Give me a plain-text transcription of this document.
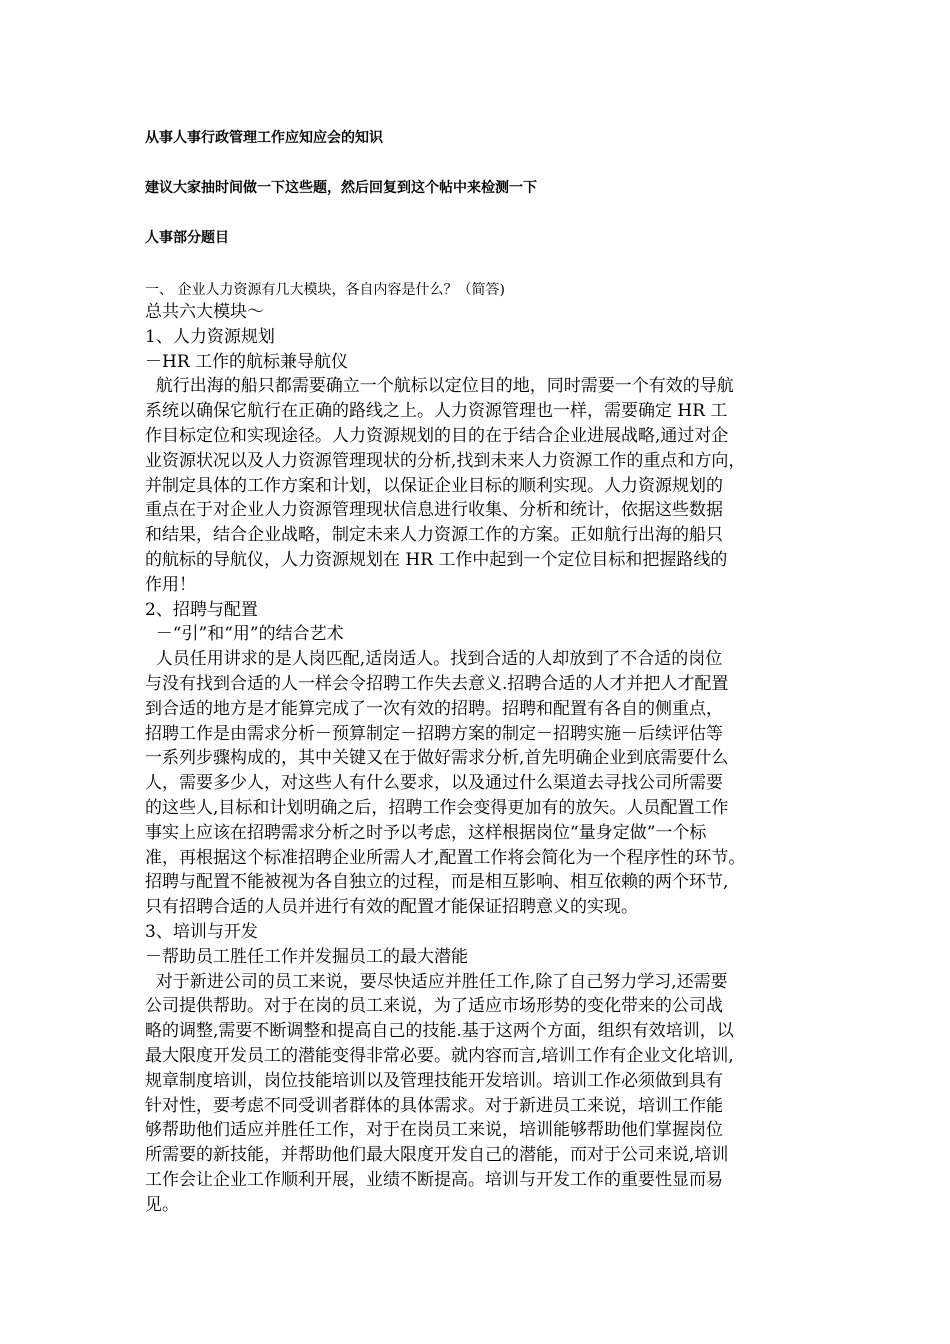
从事人事行政管理工作应知应会的知识

建议大家抽时间做一下这些题，然后回复到这个帖中来检测一下

人事部分题目

一、 企业人力资源有几大模块，各自内容是什么？（简答)
总共六大模块～
1、人力资源规划
－HR 工作的航标兼导航仪
航行出海的船只都需要确立一个航标以定位目的地，同时需要一个有效的导航
系统以确保它航行在正确的路线之上。人力资源管理也一样，需要确定 HR 工
作目标定位和实现途径。人力资源规划的目的在于结合企业进展战略,通过对企
业资源状况以及人力资源管理现状的分析,找到未来人力资源工作的重点和方向，
并制定具体的工作方案和计划，以保证企业目标的顺利实现。人力资源规划的
重点在于对企业人力资源管理现状信息进行收集、分析和统计，依据这些数据
和结果，结合企业战略，制定未来人力资源工作的方案。正如航行出海的船只
的航标的导航仪，人力资源规划在 HR 工作中起到一个定位目标和把握路线的
作用！
2、招聘与配置
－“引”和“用”的结合艺术
人员任用讲求的是人岗匹配,适岗适人。找到合适的人却放到了不合适的岗位
与没有找到合适的人一样会令招聘工作失去意义.招聘合适的人才并把人才配置
到合适的地方是才能算完成了一次有效的招聘。招聘和配置有各自的侧重点，
招聘工作是由需求分析－预算制定－招聘方案的制定－招聘实施－后续评估等
一系列步骤构成的，其中关键又在于做好需求分析,首先明确企业到底需要什么
人，需要多少人，对这些人有什么要求，以及通过什么渠道去寻找公司所需要
的这些人,目标和计划明确之后，招聘工作会变得更加有的放矢。人员配置工作
事实上应该在招聘需求分析之时予以考虑，这样根据岗位“量身定做”一个标
准，再根据这个标准招聘企业所需人才,配置工作将会简化为一个程序性的环节。
招聘与配置不能被视为各自独立的过程，而是相互影响、相互依赖的两个环节,
只有招聘合适的人员并进行有效的配置才能保证招聘意义的实现。
3、培训与开发
－帮助员工胜任工作并发掘员工的最大潜能
对于新进公司的员工来说，要尽快适应并胜任工作,除了自己努力学习,还需要
公司提供帮助。对于在岗的员工来说，为了适应市场形势的变化带来的公司战
略的调整,需要不断调整和提高自己的技能.基于这两个方面，组织有效培训，以
最大限度开发员工的潜能变得非常必要。就内容而言,培训工作有企业文化培训,
规章制度培训，岗位技能培训以及管理技能开发培训。培训工作必须做到具有
针对性，要考虑不同受训者群体的具体需求。对于新进员工来说，培训工作能
够帮助他们适应并胜任工作，对于在岗员工来说，培训能够帮助他们掌握岗位
所需要的新技能，并帮助他们最大限度开发自己的潜能，而对于公司来说,培训
工作会让企业工作顺利开展，业绩不断提高。培训与开发工作的重要性显而易
见。
